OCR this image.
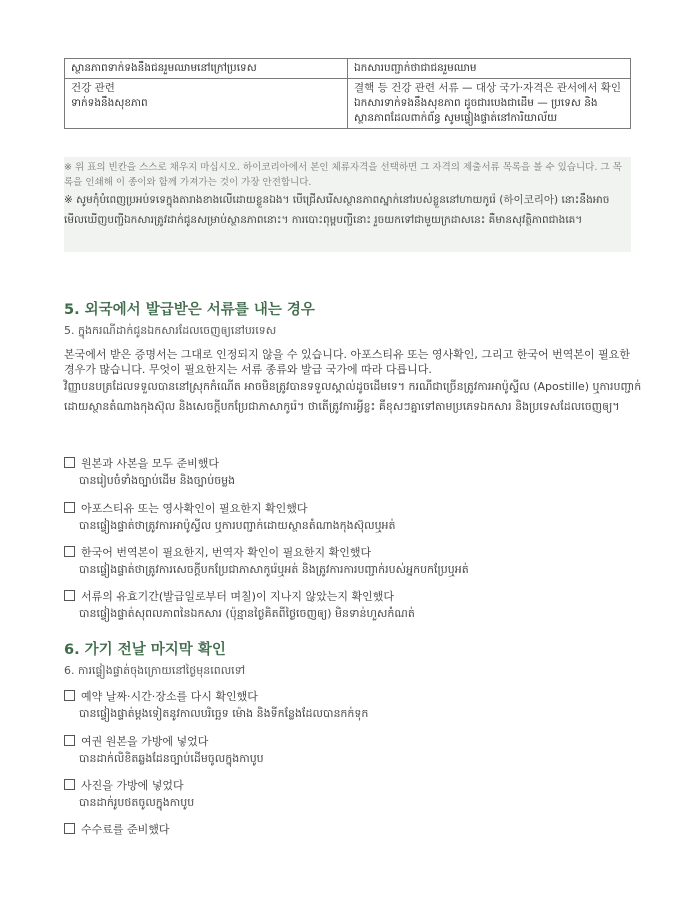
ស្ថានភាពទាក់ទងនឹងជនរួមឈាមនៅក្រៅប្រទេស	ឯកសារបញ្ជាក់ថាជាជនរួមឈាម

건강 관련
ទាក់ទងនឹងសុខភាព	결핵 등 건강 관련 서류 — 대상 국가·자격은 관서에서 확인 ឯកសារទាក់ទងនឹងសុខភាព ដូចជារបេងជាដើម — ប្រទេស និងស្ថានភាពដែលពាក់ព័ន្ធ សូមផ្ទៀងផ្ទាត់នៅការិយាល័យ

※ 위 표의 빈칸을 스스로 채우지 마십시오. 하이코리아에서 본인 체류자격을 선택하면 그 자격의 제출서류 목록을 볼 수 있습니다. 그 목록을 인쇄해 이 종이와 함께 가져가는 것이 가장 안전합니다.

※ សូមកុំបំពេញប្រអប់ទទេក្នុងតារាងខាងលើដោយខ្លួនឯង។ បើជ្រើសរើសស្ថានភាពស្នាក់នៅរបស់ខ្លួននៅហាយកូរ៉េ (하이코리아) នោះនឹងអាចមើលឃើញបញ្ជីឯកសារត្រូវដាក់ជូនសម្រាប់ស្ថានភាពនោះ។ ការបោះពុម្ពបញ្ជីនោះ រួចយកទៅជាមួយក្រដាសនេះ គឺមានសុវត្ថិភាពជាងគេ។

5. 외국에서 발급받은 서류를 내는 경우

5. ក្នុងករណីដាក់ជូនឯកសារដែលចេញឲ្យនៅបរទេស

본국에서 받은 증명서는 그대로 인정되지 않을 수 있습니다. 아포스티유 또는 영사확인, 그리고 한국어 번역본이 필요한 경우가 많습니다. 무엇이 필요한지는 서류 종류와 발급 국가에 따라 다릅니다.

វិញ្ញាបនបត្រដែលទទួលបាននៅស្រុកកំណើត អាចមិនត្រូវបានទទួលស្គាល់ដូចដើមទេ។ ករណីជាច្រើនត្រូវការអាប៉ូស្ទីល (Apostille) ឬការបញ្ជាក់ដោយស្ថានតំណាងកុងស៊ុល និងសេចក្តីបកប្រែជាភាសាកូរ៉េ។ ថាតើត្រូវការអ្វីខ្លះ គឺខុសៗគ្នាទៅតាមប្រភេទឯកសារ និងប្រទេសដែលចេញឲ្យ។

원본과 사본을 모두 준비했다
បានរៀបចំទាំងច្បាប់ដើម និងច្បាប់ចម្លង
아포스티유 또는 영사확인이 필요한지 확인했다
បានផ្ទៀងផ្ទាត់ថាត្រូវការអាប៉ូស្ទីល ឬការបញ្ជាក់ដោយស្ថានតំណាងកុងស៊ុលឬអត់
한국어 번역본이 필요한지, 번역자 확인이 필요한지 확인했다
បានផ្ទៀងផ្ទាត់ថាត្រូវការសេចក្តីបកប្រែជាភាសាកូរ៉េឬអត់ និងត្រូវការការបញ្ជាក់របស់អ្នកបកប្រែឬអត់
서류의 유효기간(발급일로부터 며칠)이 지나지 않았는지 확인했다
បានផ្ទៀងផ្ទាត់សុពលភាពនៃឯកសារ (ប៉ុន្មានថ្ងៃគិតពីថ្ងៃចេញឲ្យ) មិនទាន់ហួសកំណត់
6. 가기 전날 마지막 확인

6. ការផ្ទៀងផ្ទាត់ចុងក្រោយនៅថ្ងៃមុនពេលទៅ

예약 날짜·시간·장소를 다시 확인했다
បានផ្ទៀងផ្ទាត់ម្តងទៀតនូវកាលបរិច្ឆេទ ម៉ោង និងទីកន្លែងដែលបានកក់ទុក
여권 원본을 가방에 넣었다
បានដាក់លិខិតឆ្លងដែនច្បាប់ដើមចូលក្នុងកាបូប
사진을 가방에 넣었다
បានដាក់រូបថតចូលក្នុងកាបូប
수수료를 준비했다
